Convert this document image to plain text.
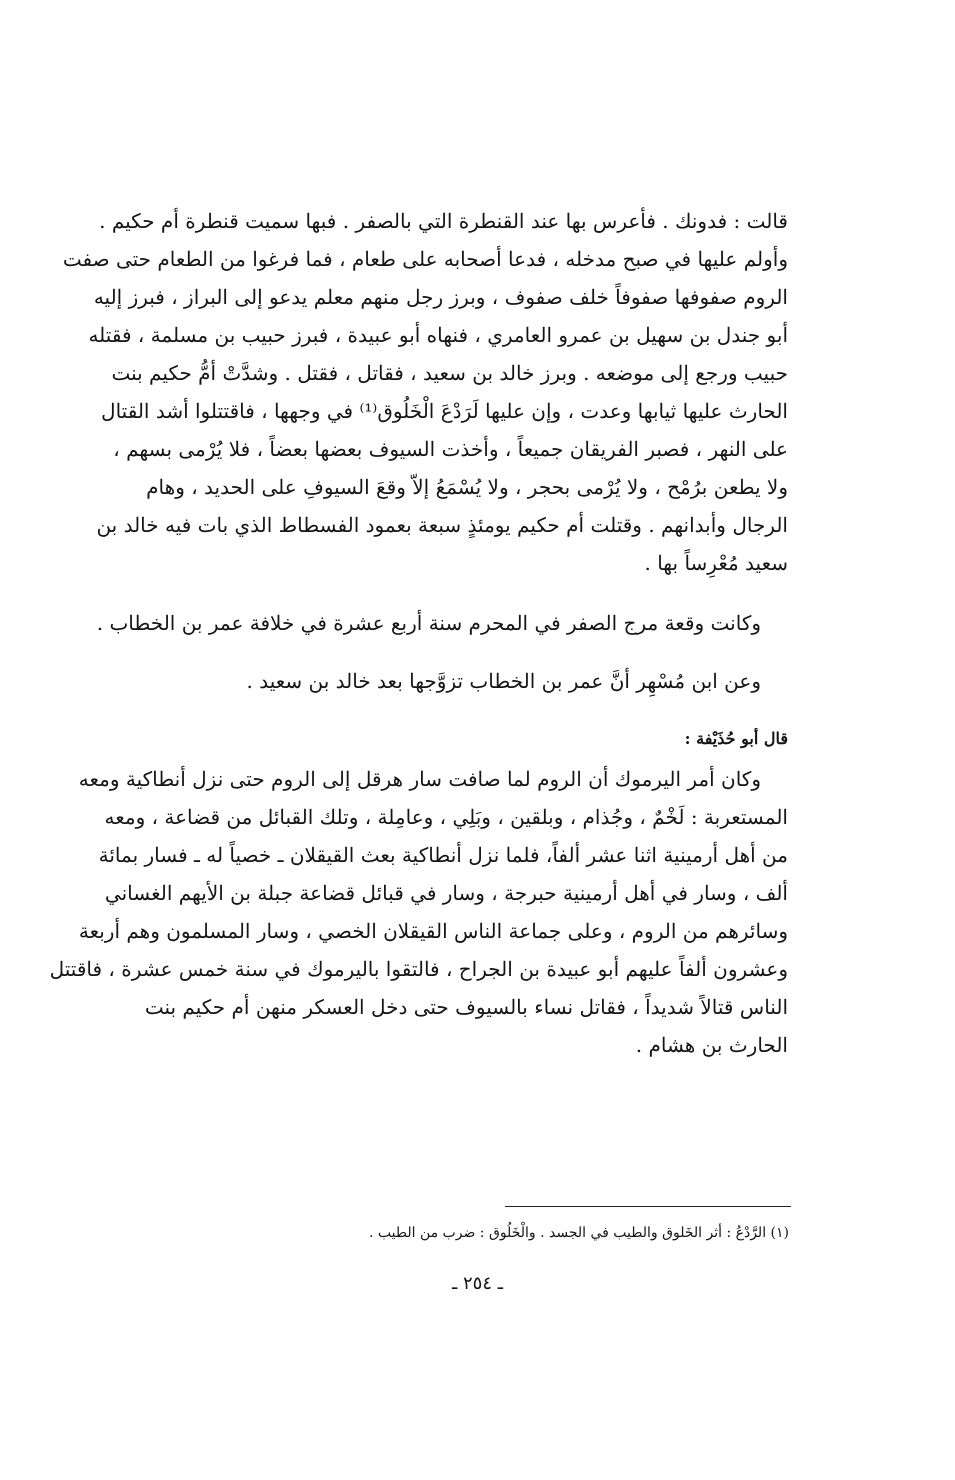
قالت : فدونك . فأعرس بها عند القنطرة التي بالصفر . فبها سميت قنطرة أم حكيم .
وأولم عليها في صبح مدخله ، فدعا أصحابه على طعام ، فما فرغوا من الطعام حتى صفت
الروم صفوفها صفوفاً خلف صفوف ، وبرز رجل منهم معلم يدعو إلى البراز ، فبرز إليه
أبو جندل بن سهيل بن عمرو العامري ، فنهاه أبو عبيدة ، فبرز حبيب بن مسلمة ، فقتله
حبيب ورجع إلى موضعه . وبرز خالد بن سعيد ، فقاتل ، فقتل . وشدَّتْ أمُّ حكيم بنت
الحارث عليها ثيابها وعدت ، وإن عليها لَرَدْعَ الْخَلُوق⁽¹⁾ في وجهها ، فاقتتلوا أشد القتال
على النهر ، فصبر الفريقان جميعاً ، وأخذت السيوف بعضها بعضاً ، فلا يُرْمى بسهم ،
ولا يطعن برُمْح ، ولا يُرْمى بحجر ، ولا يُسْمَعُ إلاّ وقعَ السيوفِ على الحديد ، وهام
الرجال وأبدانهم . وقتلت أم حكيم يومئذٍ سبعة بعمود الفسطاط الذي بات فيه خالد بن
سعيد مُعْرِساً بها .
وكانت وقعة مرج الصفر في المحرم سنة أربع عشرة في خلافة عمر بن الخطاب .
وعن ابن مُسْهِر أنَّ عمر بن الخطاب تزوَّجها بعد خالد بن سعيد .
قال أبو حُذَيْفة :
وكان أمر اليرموك أن الروم لما صافت سار هرقل إلى الروم حتى نزل أنطاكية ومعه
المستعربة : لَخْمٌ ، وجُذام ، وبلقين ، وبَلِي ، وعامِلة ، وتلك القبائل من قضاعة ، ومعه
من أهل أرمينية اثنا عشر ألفاً، فلما نزل أنطاكية بعث القيقلان ـ خصياً له ـ فسار بمائة
ألف ، وسار في أهل أرمينية حبرجة ، وسار في قبائل قضاعة جبلة بن الأيهم الغساني
وسائرهم من الروم ، وعلى جماعة الناس القيقلان الخصي ، وسار المسلمون وهم أربعة
وعشرون ألفاً عليهم أبو عبيدة بن الجراح ، فالتقوا باليرموك في سنة خمس عشرة ، فاقتتل
الناس قتالاً شديداً ، فقاتل نساء بالسيوف حتى دخل العسكر منهن أم حكيم بنت
الحارث بن هشام .
(١) الرَّدْعُ : أثر الخَلوق والطيب في الجسد . والْخَلُوق : ضرب من الطيب .
ـ ٢٥٤ ـ
